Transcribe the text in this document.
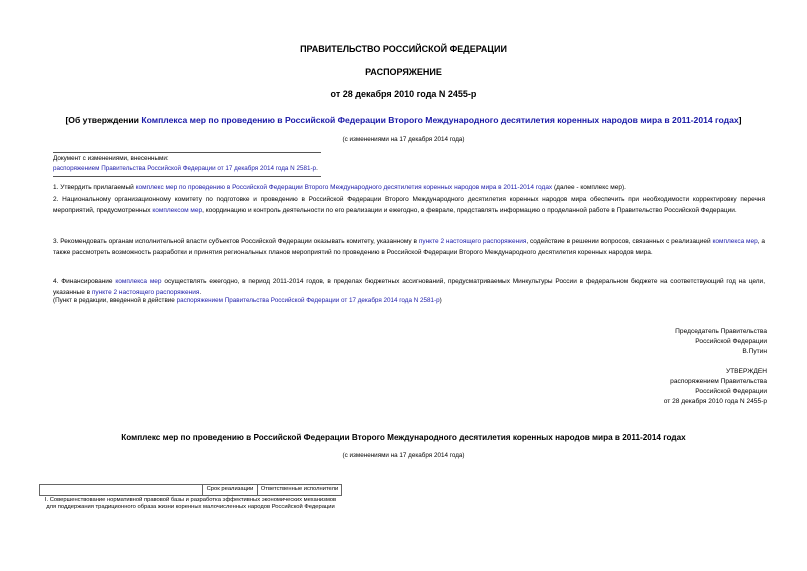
ПРАВИТЕЛЬСТВО РОССИЙСКОЙ ФЕДЕРАЦИИ
РАСПОРЯЖЕНИЕ
от 28 декабря 2010 года N 2455-р
[Об утверждении Комплекса мер по проведению в Российской Федерации Второго Международного десятилетия коренных народов мира в 2011-2014 годах]
(с изменениями на 17 декабря 2014 года)
Документ с изменениями, внесенными:
распоряжением Правительства Российской Федерации от 17 декабря 2014 года N 2581-р.
1. Утвердить прилагаемый комплекс мер по проведению в Российской Федерации Второго Международного десятилетия коренных народов мира в 2011-2014 годах (далее - комплекс мер).
2. Национальному организационному комитету по подготовке и проведению в Российской Федерации Второго Международного десятилетия коренных народов мира обеспечить при необходимости корректировку перечня мероприятий, предусмотренных комплексом мер, координацию и контроль деятельности по его реализации и ежегодно, в феврале, представлять информацию о проделанной работе в Правительство Российской Федерации.
3. Рекомендовать органам исполнительной власти субъектов Российской Федерации оказывать комитету, указанному в пункте 2 настоящего распоряжения, содействие в решении вопросов, связанных с реализацией комплекса мер, а также рассмотреть возможность разработки и принятия региональных планов мероприятий по проведению в Российской Федерации Второго Международного десятилетия коренных народов мира.
4. Финансирование комплекса мер осуществлять ежегодно, в период 2011-2014 годов, в пределах бюджетных ассигнований, предусматриваемых Минкультуры России в федеральном бюджете на соответствующий год на цели, указанные в пункте 2 настоящего распоряжения.
(Пункт в редакции, введенной в действие распоряжением Правительства Российской Федерации от 17 декабря 2014 года N 2581-р)
Председатель Правительства
Российской Федерации
В.Путин
УТВЕРЖДЕН
распоряжением Правительства
Российской Федерации
от 28 декабря 2010 года N 2455-р
Комплекс мер по проведению в Российской Федерации Второго Международного десятилетия коренных народов мира в 2011-2014 годах
(с изменениями на 17 декабря 2014 года)
	Срок реализации	Ответственные исполнители
I. Совершенствование нормативной правовой базы и разработка эффективных экономических механизмов для поддержания традиционного образа жизни коренных малочисленных народов Российской Федерации
